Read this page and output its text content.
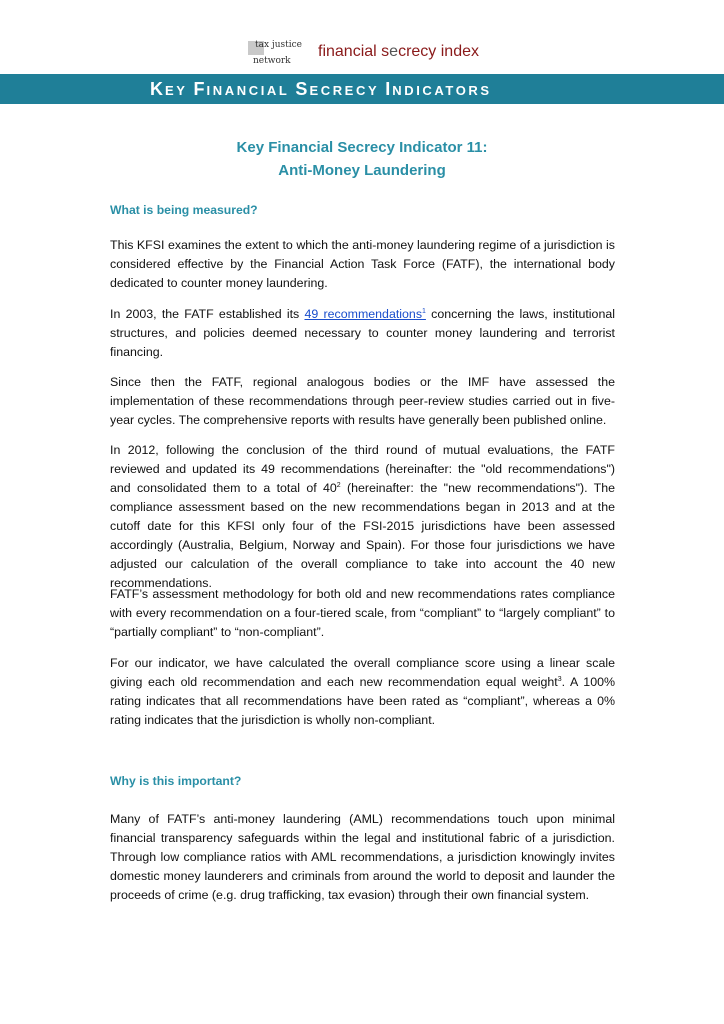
tax justice
network
financial secrecy index
KEY FINANCIAL SECRECY INDICATORS
Key Financial Secrecy Indicator 11:
Anti-Money Laundering
What is being measured?

This KFSI examines the extent to which the anti-money laundering regime of a jurisdiction is considered effective by the Financial Action Task Force (FATF), the international body dedicated to counter money laundering.

In 2003, the FATF established its 49 recommendations$^1$ concerning the laws, institutional structures, and policies deemed necessary to counter money laundering and terrorist financing.

Since then the FATF, regional analogous bodies or the IMF have assessed the implementation of these recommendations through peer-review studies carried out in five-year cycles. The comprehensive reports with results have generally been published online.

In 2012, following the conclusion of the third round of mutual evaluations, the FATF reviewed and updated its 49 recommendations (hereinafter: the "old recommendations") and consolidated them to a total of $40^2$ (hereinafter: the "new recommendations"). The compliance assessment based on the new recommendations began in 2013 and at the cutoff date for this KFSI only four of the FSI-2015 jurisdictions have been assessed accordingly (Australia, Belgium, Norway and Spain). For those four jurisdictions we have adjusted our calculation of the overall compliance to take into account the 40 new recommendations.

FATF’s assessment methodology for both old and new recommendations rates compliance with every recommendation on a four-tiered scale, from “compliant” to “largely compliant” to “partially compliant” to “non-compliant”.

For our indicator, we have calculated the overall compliance score using a linear scale giving each old recommendation and each new recommendation equal weight$^3$. A 100% rating indicates that all recommendations have been rated as “compliant”, whereas a 0% rating indicates that the jurisdiction is wholly non-compliant.

Why is this important?

Many of FATF’s anti-money laundering (AML) recommendations touch upon minimal financial transparency safeguards within the legal and institutional fabric of a jurisdiction. Through low compliance ratios with AML recommendations, a jurisdiction knowingly invites domestic money launderers and criminals from around the world to deposit and launder the proceeds of crime (e.g. drug trafficking, tax evasion) through their own financial system.
